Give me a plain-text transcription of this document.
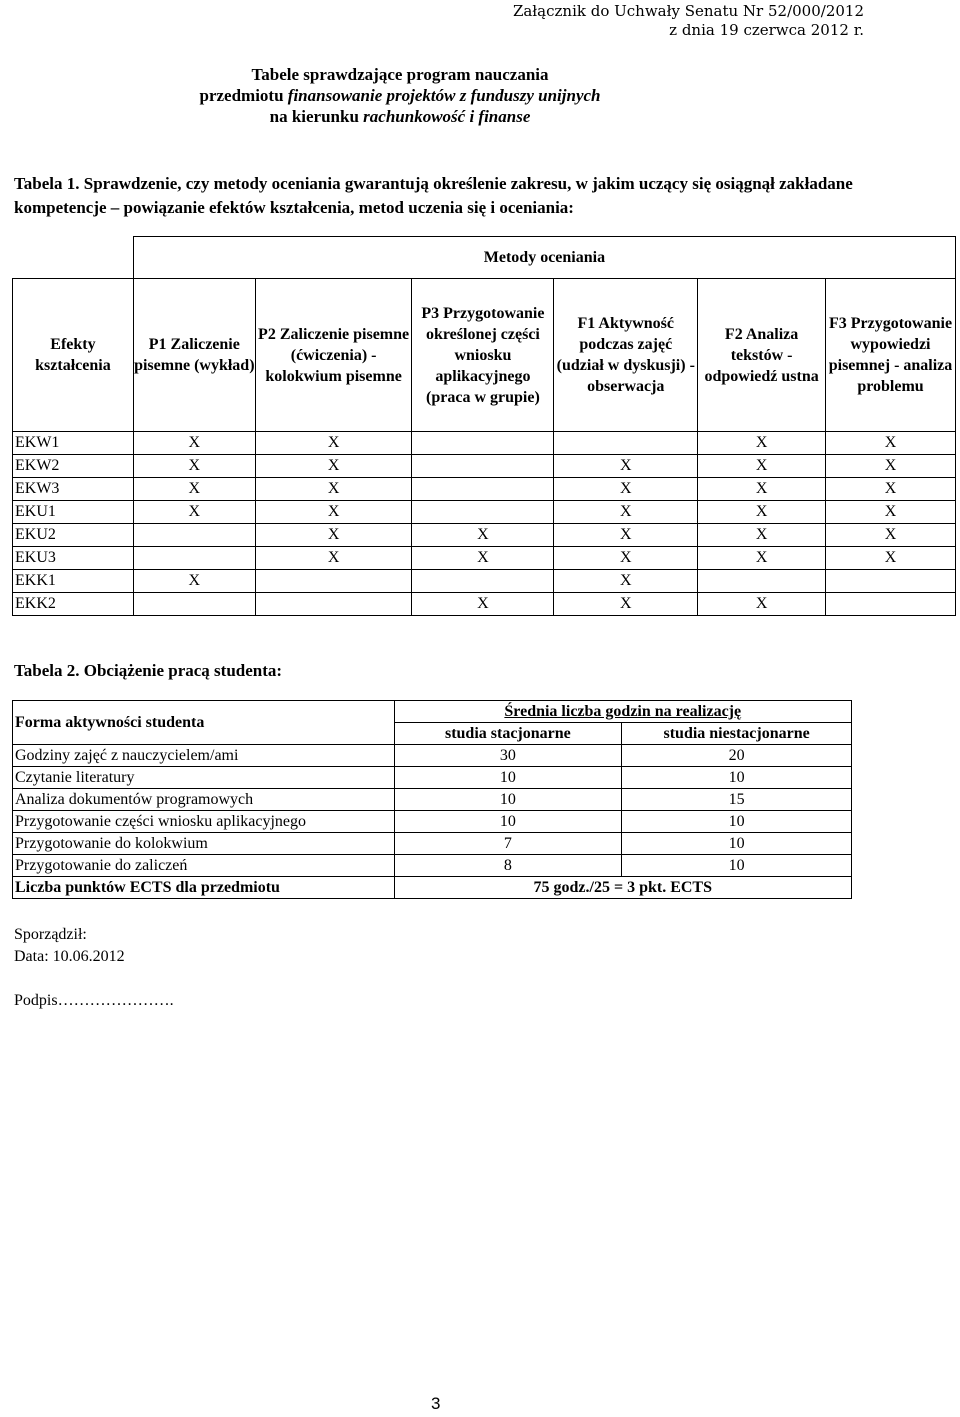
Załącznik do Uchwały Senatu Nr 52/000/2012
z dnia 19 czerwca 2012 r.
Tabele sprawdzające program nauczania
przedmiotu finansowanie projektów z funduszy unijnych
na kierunku rachunkowość i finanse
Tabela 1. Sprawdzenie, czy metody oceniania gwarantują określenie zakresu, w jakim uczący się osiągnął zakładane kompetencje – powiązanie efektów kształcenia, metod uczenia się i oceniania:
	Metody oceniania					
Efekty kształcenia	P1 Zaliczenie pisemne (wykład)	P2 Zaliczenie pisemne (ćwiczenia) - kolokwium pisemne	P3 Przygotowanie określonej części wniosku aplikacyjnego (praca w grupie)	F1 Aktywność podczas zajęć (udział w dyskusji) - obserwacja	F2 Analiza tekstów - odpowiedź ustna	F3 Przygotowanie wypowiedzi pisemnej - analiza problemu
EKW1	X	X			X	X
EKW2	X	X		X	X	X
EKW3	X	X		X	X	X
EKU1	X	X		X	X	X
EKU2		X	X	X	X	X
EKU3		X	X	X	X	X
EKK1	X			X		
EKK2			X	X	X	
Tabela 2. Obciążenie pracą studenta:
Forma aktywności studenta	Średnia liczba godzin na realizację	
	studia stacjonarne	studia niestacjonarne
Godziny zajęć z nauczycielem/ami	30	20
Czytanie literatury	10	10
Analiza dokumentów programowych	10	15
Przygotowanie części wniosku aplikacyjnego	10	10
Przygotowanie do kolokwium	7	10
Przygotowanie do zaliczeń	8	10
Liczba punktów ECTS dla przedmiotu	75 godz./25 = 3 pkt. ECTS	
Sporządził:
Data: 10.06.2012
Podpis………………….
3
